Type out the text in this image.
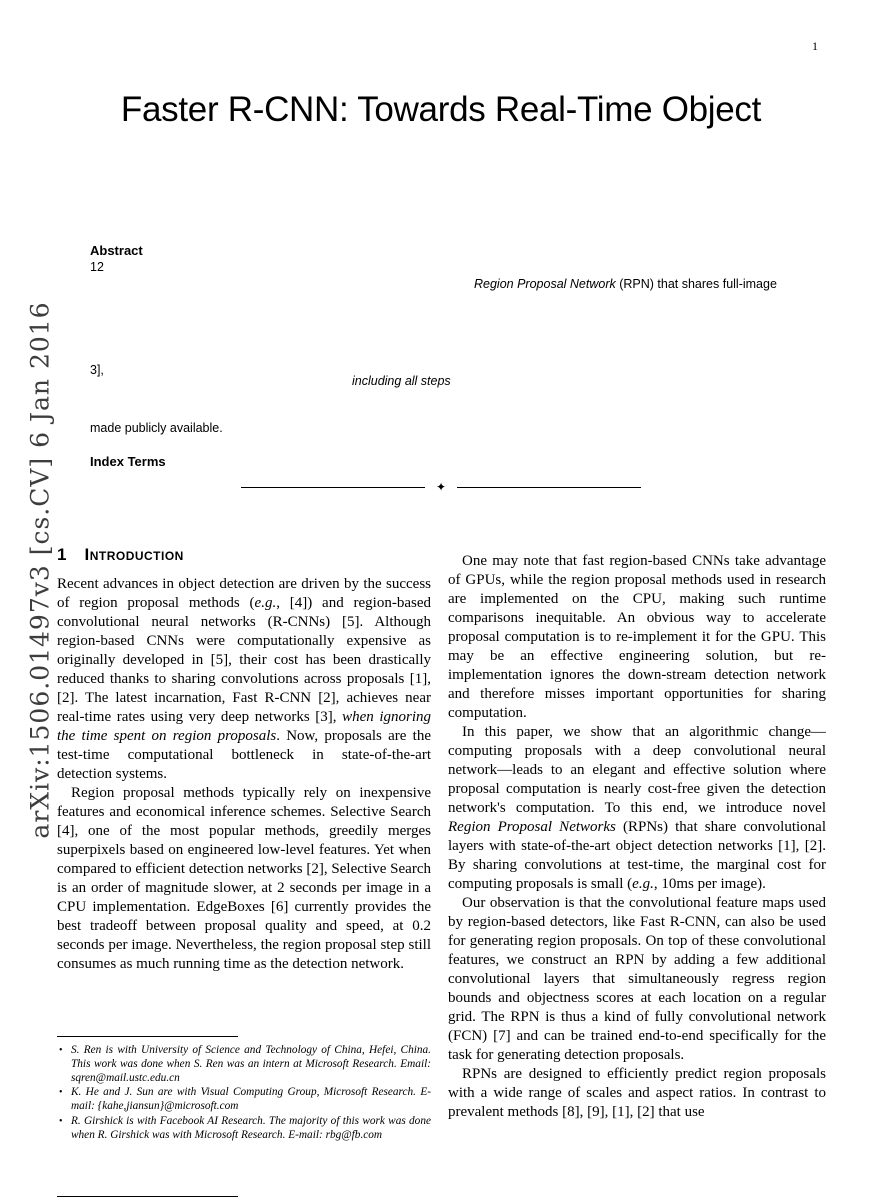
1
arXiv:1506.01497v3 [cs.CV] 6 Jan 2016
Faster R-CNN: Towards Real-Time Object
Abstract
12
Region Proposal Network (RPN) that shares full-image
3],
including all steps
made publicly available.
Index Terms
✦
1 Introduction

Recent advances in object detection are driven by the success of region proposal methods (e.g., [4]) and region-based convolutional neural networks (R-CNNs) [5]. Although region-based CNNs were computationally expensive as originally developed in [5], their cost has been drastically reduced thanks to sharing convolutions across proposals [1], [2]. The latest incarnation, Fast R-CNN [2], achieves near real-time rates using very deep networks [3], when ignoring the time spent on region proposals. Now, proposals are the test-time computational bottleneck in state-of-the-art detection systems.

Region proposal methods typically rely on inexpensive features and economical inference schemes. Selective Search [4], one of the most popular methods, greedily merges superpixels based on engineered low-level features. Yet when compared to efficient detection networks [2], Selective Search is an order of magnitude slower, at 2 seconds per image in a CPU implementation. EdgeBoxes [6] currently provides the best tradeoff between proposal quality and speed, at 0.2 seconds per image. Nevertheless, the region proposal step still consumes as much running time as the detection network.

One may note that fast region-based CNNs take advantage of GPUs, while the region proposal methods used in research are implemented on the CPU, making such runtime comparisons inequitable. An obvious way to accelerate proposal computation is to re-implement it for the GPU. This may be an effective engineering solution, but re-implementation ignores the down-stream detection network and therefore misses important opportunities for sharing computation.

In this paper, we show that an algorithmic change—computing proposals with a deep convolutional neural network—leads to an elegant and effective solution where proposal computation is nearly cost-free given the detection network's computation. To this end, we introduce novel Region Proposal Networks (RPNs) that share convolutional layers with state-of-the-art object detection networks [1], [2]. By sharing convolutions at test-time, the marginal cost for computing proposals is small (e.g., 10ms per image).

Our observation is that the convolutional feature maps used by region-based detectors, like Fast R-CNN, can also be used for generating region proposals. On top of these convolutional features, we construct an RPN by adding a few additional convolutional layers that simultaneously regress region bounds and objectness scores at each location on a regular grid. The RPN is thus a kind of fully convolutional network (FCN) [7] and can be trained end-to-end specifically for the task for generating detection proposals.

RPNs are designed to efficiently predict region proposals with a wide range of scales and aspect ratios. In contrast to prevalent methods [8], [9], [1], [2] that use

• S. Ren is with University of Science and Technology of China, Hefei, China. This work was done when S. Ren was an intern at Microsoft Research. Email: sqren@mail.ustc.edu.cn
• K. He and J. Sun are with Visual Computing Group, Microsoft Research. E-mail: {kahe,jiansun}@microsoft.com
• R. Girshick is with Facebook AI Research. The majority of this work was done when R. Girshick was with Microsoft Research. E-mail: rbg@fb.com
